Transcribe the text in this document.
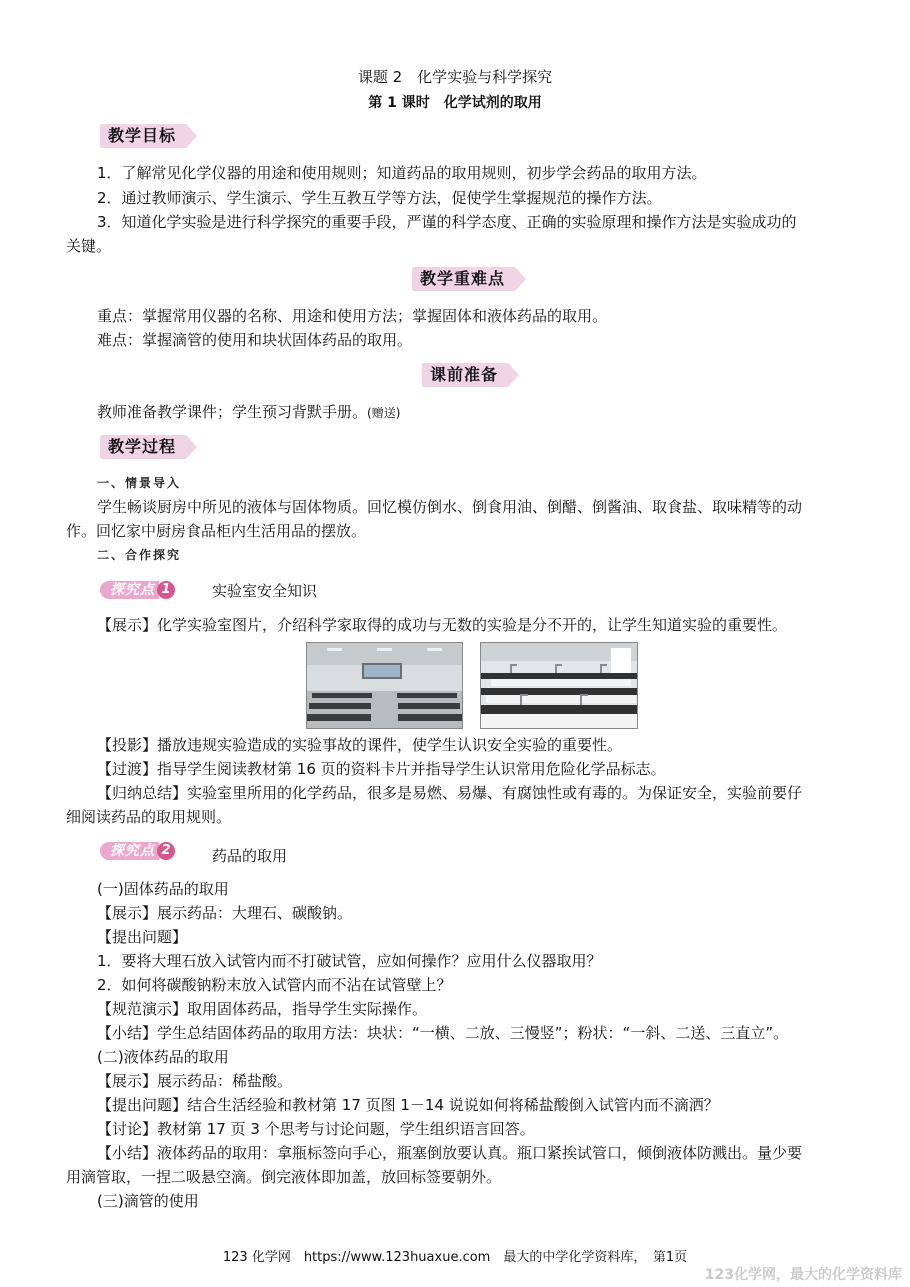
课题 2　化学实验与科学探究
第 1 课时　化学试剂的取用
教学目标
1．了解常见化学仪器的用途和使用规则；知道药品的取用规则，初步学会药品的取用方法。
2．通过教师演示、学生演示、学生互教互学等方法，促使学生掌握规范的操作方法。
3．知道化学实验是进行科学探究的重要手段，严谨的科学态度、正确的实验原理和操作方法是实验成功的
关键。
教学重难点
重点：掌握常用仪器的名称、用途和使用方法；掌握固体和液体药品的取用。
难点：掌握滴管的使用和块状固体药品的取用。
课前准备
教师准备教学课件；学生预习背默手册。(赠送)
教学过程
一、情景导入
学生畅谈厨房中所见的液体与固体物质。回忆模仿倒水、倒食用油、倒醋、倒酱油、取食盐、取味精等的动
作。回忆家中厨房食品柜内生活用品的摆放。
二、合作探究
探究点 1	实验室安全知识
【展示】化学实验室图片，介绍科学家取得的成功与无数的实验是分不开的，让学生知道实验的重要性。
【投影】播放违规实验造成的实验事故的课件，使学生认识安全实验的重要性。
【过渡】指导学生阅读教材第 16 页的资料卡片并指导学生认识常用危险化学品标志。
【归纳总结】实验室里所用的化学药品，很多是易燃、易爆、有腐蚀性或有毒的。为保证安全，实验前要仔
细阅读药品的取用规则。
探究点 2	药品的取用
(一)固体药品的取用
【展示】展示药品：大理石、碳酸钠。
【提出问题】
1．要将大理石放入试管内而不打破试管，应如何操作？应用什么仪器取用？
2．如何将碳酸钠粉末放入试管内而不沾在试管壁上？
【规范演示】取用固体药品，指导学生实际操作。
【小结】学生总结固体药品的取用方法：块状：“一横、二放、三慢竖”；粉状：“一斜、二送、三直立”。
(二)液体药品的取用
【展示】展示药品：稀盐酸。
【提出问题】结合生活经验和教材第 17 页图 1－14 说说如何将稀盐酸倒入试管内而不滴洒？
【讨论】教材第 17 页 3 个思考与讨论问题，学生组织语言回答。
【小结】液体药品的取用：拿瓶标签向手心，瓶塞倒放要认真。瓶口紧挨试管口，倾倒液体防溅出。量少要
用滴管取，一捏二吸悬空滴。倒完液体即加盖，放回标签要朝外。
(三)滴管的使用
123 化学网　https://www.123huaxue.com　最大的中学化学资料库，　第1页
123化学网，最大的化学资料库
